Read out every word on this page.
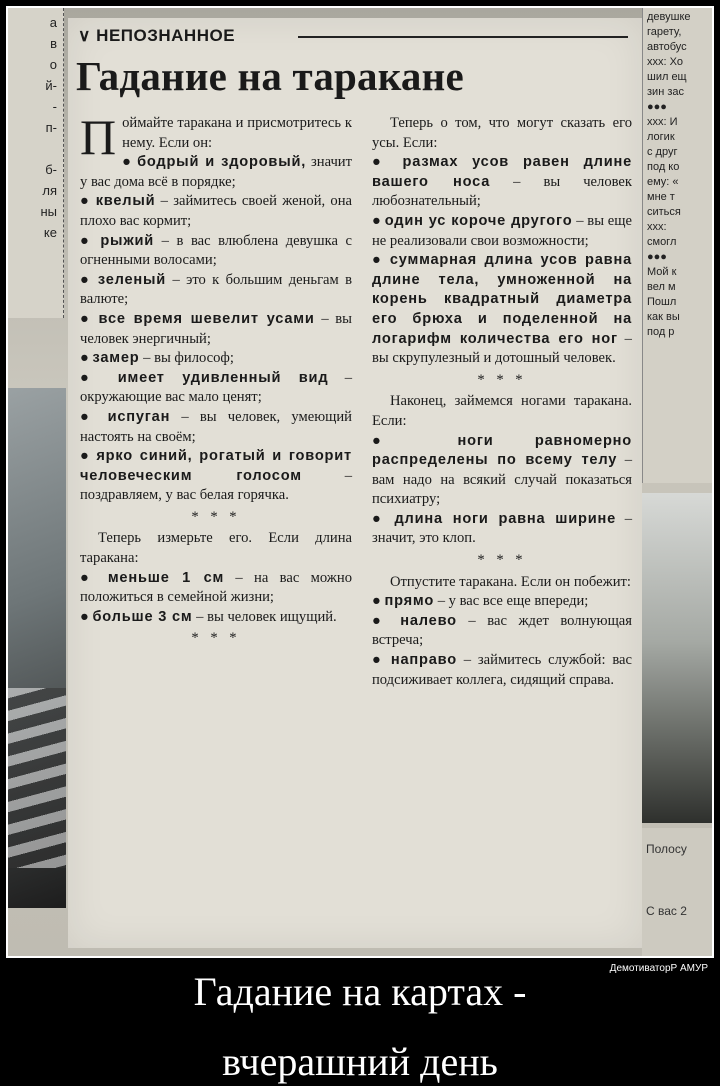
а
в
о
й-
-
п-
б-
ля
ны
ке
девушке
гарету,
автобус
xxx: Хо
шил ещ
зин зас
●●●
xxx: И
логик
с друг
под ко
ему: «
мне т
ситься
xxx:
смогл
●●●
Мой к
вел м
Пошл
как вы
под р
Полосу
С вас 2
∨ НЕПОЗНАННОЕ
Гадание на таракане

Поймайте таракана и присмотритесь к нему. Если он:

● бодрый и здоровый, значит у вас дома всё в порядке;

● квелый – займитесь своей женой, она плохо вас кормит;

● рыжий – в вас влюблена девушка с огненными волосами;

● зеленый – это к большим деньгам в валюте;

● все время шевелит усами – вы человек энергичный;

● замер – вы философ;

● имеет удивленный вид – окружающие вас мало ценят;

● испуган – вы человек, умеющий настоять на своём;

● ярко синий, рогатый и говорит человеческим голосом – поздравляем, у вас белая горячка.

* * *

Теперь измерьте его. Если длина таракана:

● меньше 1 см – на вас можно положиться в семейной жизни;

● больше 3 см – вы человек ищущий.

* * *

Теперь о том, что могут сказать его усы. Если:

● размах усов равен длине вашего носа – вы человек любознательный;

● один ус короче другого – вы еще не реализовали свои возможности;

● суммарная длина усов равна длине тела, умноженной на корень квадратный диаметра его брюха и поделенной на логарифм количества его ног – вы скрупулезный и дотошный человек.

* * *

Наконец, займемся ногами таракана. Если:

● ноги равномерно распределены по всему телу – вам надо на всякий случай показаться психиатру;

● длина ноги равна ширине – значит, это клоп.

* * *

Отпустите таракана. Если он побежит:

● прямо – у вас все еще впереди;

● налево – вас ждет волнующая встреча;

● направо – займитесь службой: вас подсиживает коллега, сидящий справа.

ДемотиваторР АМУР
Гадание на картах -
вчерашний день
